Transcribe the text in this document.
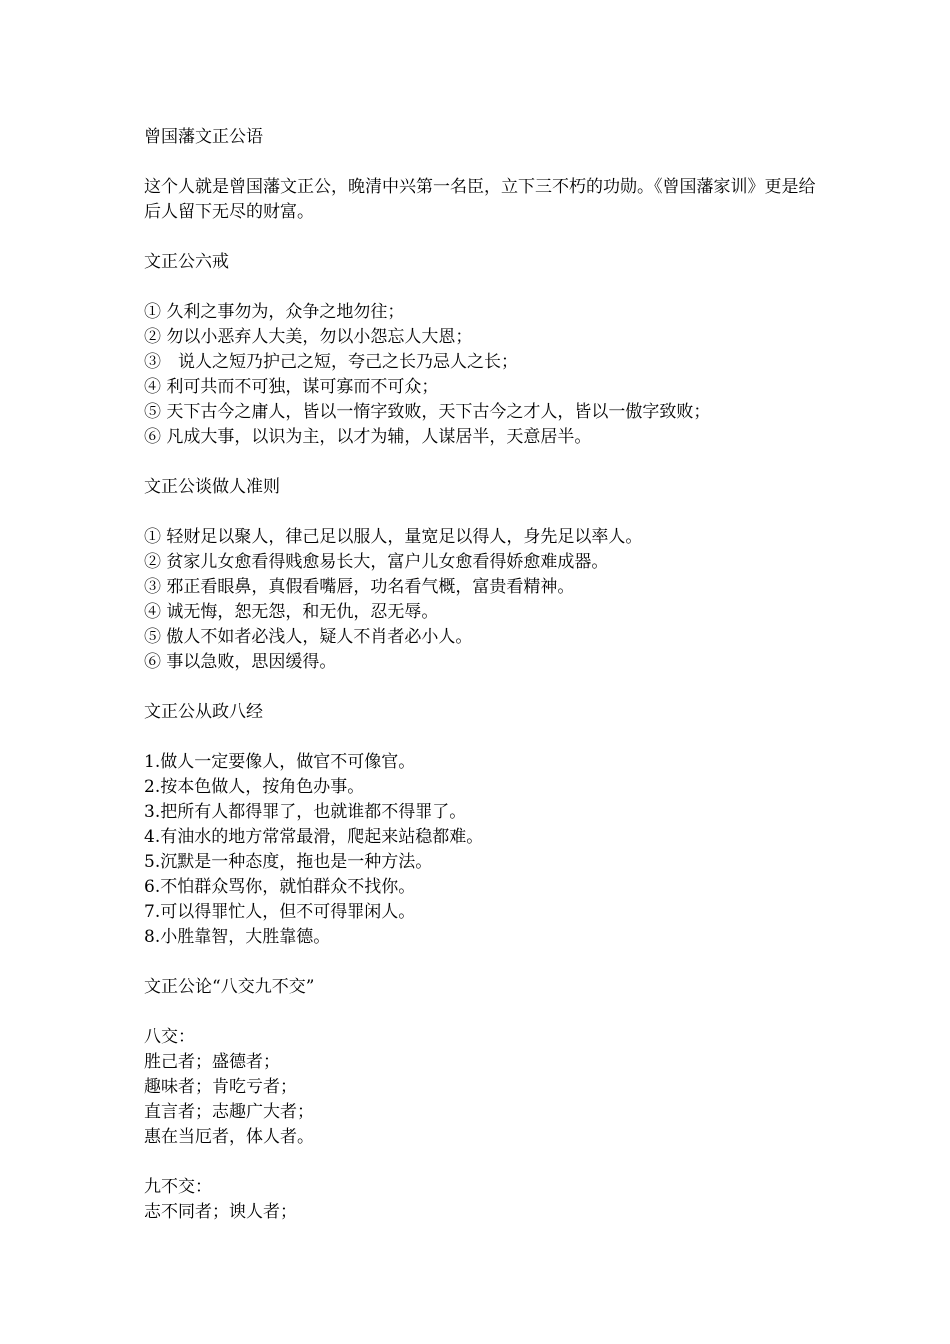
曾国藩文正公语
这个人就是曾国藩文正公，晚清中兴第一名臣，立下三不朽的功勋。《曾国藩家训》更是给后人留下无尽的财富。
文正公六戒
① 久利之事勿为，众争之地勿往；
② 勿以小恶弃人大美，勿以小怨忘人大恩；
③　说人之短乃护己之短，夸己之长乃忌人之长；
④ 利可共而不可独，谋可寡而不可众；
⑤ 天下古今之庸人，皆以一惰字致败，天下古今之才人，皆以一傲字致败；
⑥ 凡成大事，以识为主，以才为辅，人谋居半，天意居半。
文正公谈做人准则
① 轻财足以聚人，律己足以服人，量宽足以得人，身先足以率人。
② 贫家儿女愈看得贱愈易长大，富户儿女愈看得娇愈难成器。
③ 邪正看眼鼻，真假看嘴唇，功名看气概，富贵看精神。
④ 诚无悔，恕无怨，和无仇，忍无辱。
⑤ 傲人不如者必浅人，疑人不肖者必小人。
⑥ 事以急败，思因缓得。
文正公从政八经
1.做人一定要像人，做官不可像官。
2.按本色做人，按角色办事。
3.把所有人都得罪了，也就谁都不得罪了。
4.有油水的地方常常最滑，爬起来站稳都难。
5.沉默是一种态度，拖也是一种方法。
6.不怕群众骂你，就怕群众不找你。
7.可以得罪忙人，但不可得罪闲人。
8.小胜靠智，大胜靠德。
文正公论“八交九不交”
八交：
胜己者；盛德者；
趣味者；肯吃亏者；
直言者；志趣广大者；
惠在当厄者，体人者。
九不交：
志不同者；谀人者；
